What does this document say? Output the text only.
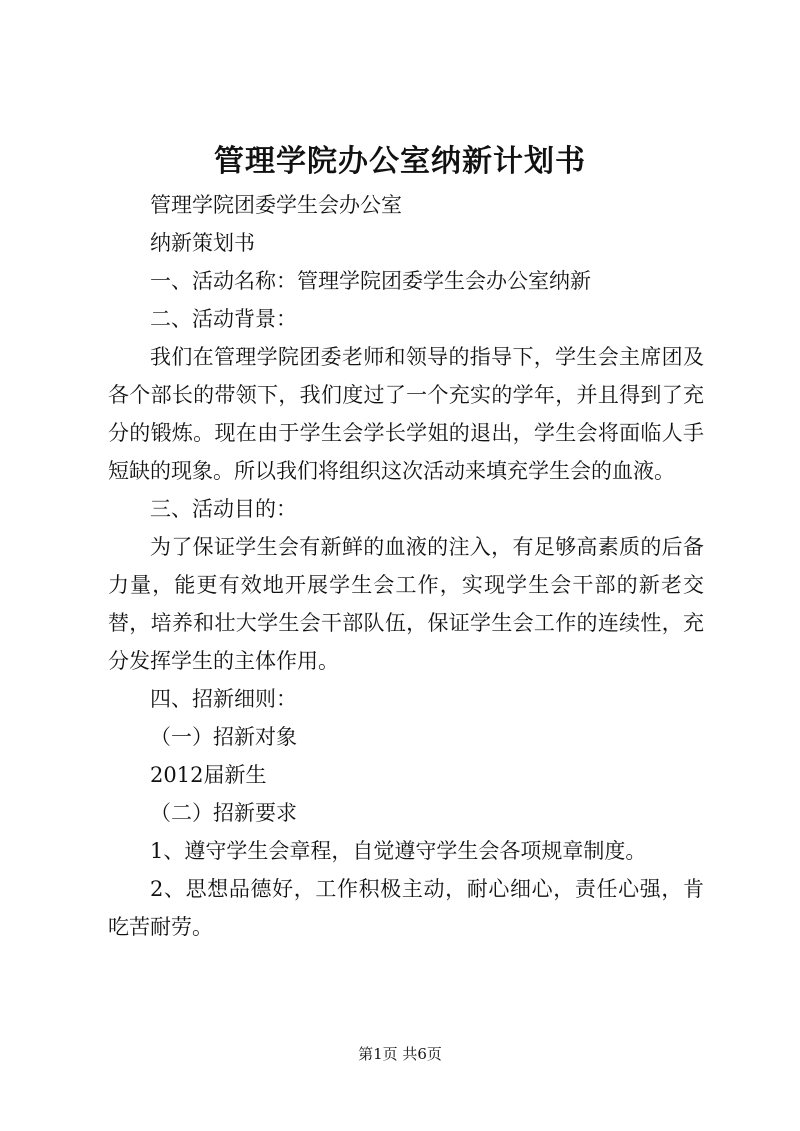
管理学院办公室纳新计划书

管理学院团委学生会办公室

纳新策划书

一、活动名称：管理学院团委学生会办公室纳新

二、活动背景：

我们在管理学院团委老师和领导的指导下，学生会主席团及各个部长的带领下，我们度过了一个充实的学年，并且得到了充分的锻炼。现在由于学生会学长学姐的退出，学生会将面临人手短缺的现象。所以我们将组织这次活动来填充学生会的血液。

三、活动目的：

为了保证学生会有新鲜的血液的注入，有足够高素质的后备力量，能更有效地开展学生会工作，实现学生会干部的新老交替，培养和壮大学生会干部队伍，保证学生会工作的连续性，充分发挥学生的主体作用。

四、招新细则：

（一）招新对象

2012届新生

（二）招新要求

1、遵守学生会章程，自觉遵守学生会各项规章制度。

2、思想品德好，工作积极主动，耐心细心，责任心强，肯吃苦耐劳。

第1页 共6页
